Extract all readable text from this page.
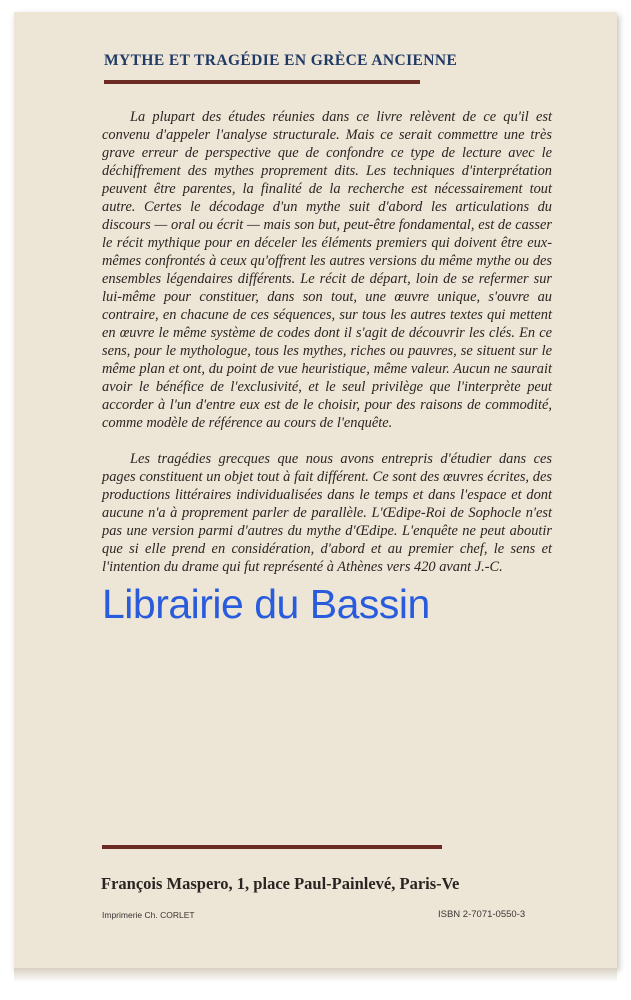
MYTHE ET TRAGÉDIE EN GRÈCE ANCIENNE

La plupart des études réunies dans ce livre relèvent de ce qu'il est convenu d'appeler l'analyse structurale. Mais ce serait commettre une très grave erreur de perspective que de confondre ce type de lecture avec le déchiffrement des mythes proprement dits. Les techniques d'interprétation peuvent être parentes, la finalité de la recherche est nécessairement tout autre. Certes le décodage d'un mythe suit d'abord les articulations du discours — oral ou écrit — mais son but, peut-être fondamental, est de casser le récit mythique pour en déceler les éléments premiers qui doivent être eux-mêmes confrontés à ceux qu'offrent les autres versions du même mythe ou des ensembles légendaires différents. Le récit de départ, loin de se refermer sur lui-même pour constituer, dans son tout, une œuvre unique, s'ouvre au contraire, en chacune de ces séquences, sur tous les autres textes qui mettent en œuvre le même système de codes dont il s'agit de découvrir les clés. En ce sens, pour le mythologue, tous les mythes, riches ou pauvres, se situent sur le même plan et ont, du point de vue heuristique, même valeur. Aucun ne saurait avoir le bénéfice de l'exclusivité, et le seul privilège que l'interprète peut accorder à l'un d'entre eux est de le choisir, pour des raisons de commodité, comme modèle de référence au cours de l'enquête.

Les tragédies grecques que nous avons entrepris d'étudier dans ces pages constituent un objet tout à fait différent. Ce sont des œuvres écrites, des productions littéraires individualisées dans le temps et dans l'espace et dont aucune n'a à proprement parler de parallèle. L'Œdipe-Roi de Sophocle n'est pas une version parmi d'autres du mythe d'Œdipe. L'enquête ne peut aboutir que si elle prend en considération, d'abord et au premier chef, le sens et l'intention du drame qui fut représenté à Athènes vers 420 avant J.-C.

Librairie du Bassin
François Maspero, 1, place Paul-Painlevé, Paris-Ve
Imprimerie Ch. CORLET	ISBN 2-7071-0550-3
